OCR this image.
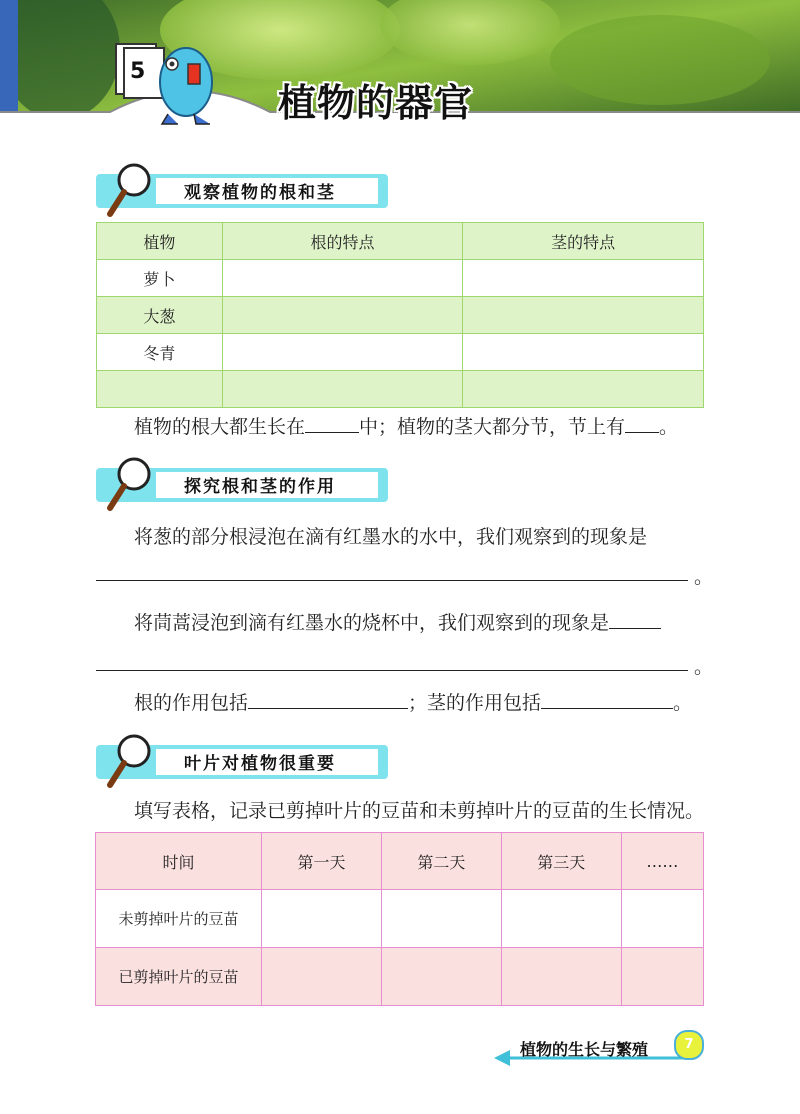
5
植物的器官
观察植物的根和茎
植物	根的特点	茎的特点
萝卜		
大葱		
冬青		

植物的根大都生长在	中；植物的茎大都分节，节上有 。
探究根和茎的作用
将葱的部分根浸泡在滴有红墨水的水中，我们观察到的现象是
。
将茼蒿浸泡到滴有红墨水的烧杯中，我们观察到的现象是
。
根的作用包括	；茎的作用包括	。
叶片对植物很重要
填写表格，记录已剪掉叶片的豆苗和未剪掉叶片的豆苗的生长情况。
时间	第一天	第二天	第三天	……
未剪掉叶片的豆苗				
已剪掉叶片的豆苗				
植物的生长与繁殖	7
